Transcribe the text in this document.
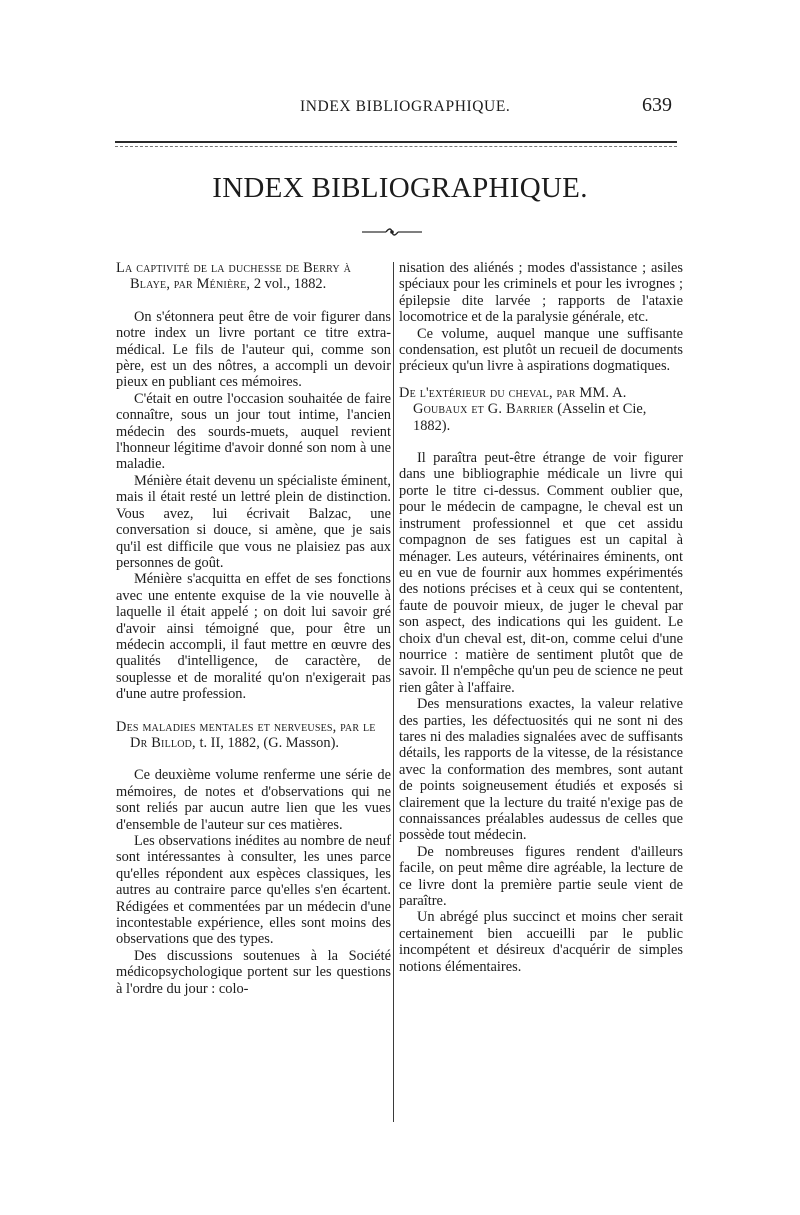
INDEX BIBLIOGRAPHIQUE.	639
INDEX BIBLIOGRAPHIQUE.
La captivité de la duchesse de Berry à Blaye, par Ménière, 2 vol., 1882.

On s'étonnera peut être de voir figurer dans notre index un livre portant ce titre extra-médical. Le fils de l'auteur qui, comme son père, est un des nôtres, a accompli un devoir pieux en publiant ces mémoires.

C'était en outre l'occasion souhaitée de faire connaître, sous un jour tout intime, l'ancien médecin des sourds-muets, auquel revient l'honneur légitime d'avoir donné son nom à une maladie.

Ménière était devenu un spécialiste éminent, mais il était resté un lettré plein de distinction. Vous avez, lui écrivait Balzac, une conversation si douce, si amène, que je sais qu'il est difficile que vous ne plaisiez pas aux personnes de goût.

Ménière s'acquitta en effet de ses fonctions avec une entente exquise de la vie nouvelle à laquelle il était appelé ; on doit lui savoir gré d'avoir ainsi témoigné que, pour être un médecin accompli, il faut mettre en œuvre des qualités d'intelligence, de caractère, de souplesse et de moralité qu'on n'exigerait pas d'une autre profession.

Des maladies mentales et nerveuses, par le Dr Billod, t. II, 1882, (G. Masson).

Ce deuxième volume renferme une série de mémoires, de notes et d'observations qui ne sont reliés par aucun autre lien que les vues d'ensemble de l'auteur sur ces matières.

Les observations inédites au nombre de neuf sont intéressantes à consulter, les unes parce qu'elles répondent aux espèces classiques, les autres au contraire parce qu'elles s'en écartent. Rédigées et commentées par un médecin d'une incontestable expérience, elles sont moins des observations que des types.

Des discussions soutenues à la Société médicopsychologique portent sur les questions à l'ordre du jour : colo-

nisation des aliénés ; modes d'assistance ; asiles spéciaux pour les criminels et pour les ivrognes ; épilepsie dite larvée ; rapports de l'ataxie locomotrice et de la paralysie générale, etc.

Ce volume, auquel manque une suffisante condensation, est plutôt un recueil de documents précieux qu'un livre à aspirations dogmatiques.

De l'extérieur du cheval, par MM. A. Goubaux et G. Barrier (Asselin et Cie, 1882).

Il paraîtra peut-être étrange de voir figurer dans une bibliographie médicale un livre qui porte le titre ci-dessus. Comment oublier que, pour le médecin de campagne, le cheval est un instrument professionnel et que cet assidu compagnon de ses fatigues est un capital à ménager. Les auteurs, vétérinaires éminents, ont eu en vue de fournir aux hommes expérimentés des notions précises et à ceux qui se contentent, faute de pouvoir mieux, de juger le cheval par son aspect, des indications qui les guident. Le choix d'un cheval est, dit-on, comme celui d'une nourrice : matière de sentiment plutôt que de savoir. Il n'empêche qu'un peu de science ne peut rien gâter à l'affaire.

Des mensurations exactes, la valeur relative des parties, les défectuosités qui ne sont ni des tares ni des maladies signalées avec de suffisants détails, les rapports de la vitesse, de la résistance avec la conformation des membres, sont autant de points soigneusement étudiés et exposés si clairement que la lecture du traité n'exige pas de connaissances préalables audessus de celles que possède tout médecin.

De nombreuses figures rendent d'ailleurs facile, on peut même dire agréable, la lecture de ce livre dont la première partie seule vient de paraître.

Un abrégé plus succinct et moins cher serait certainement bien accueilli par le public incompétent et désireux d'acquérir de simples notions élémentaires.
